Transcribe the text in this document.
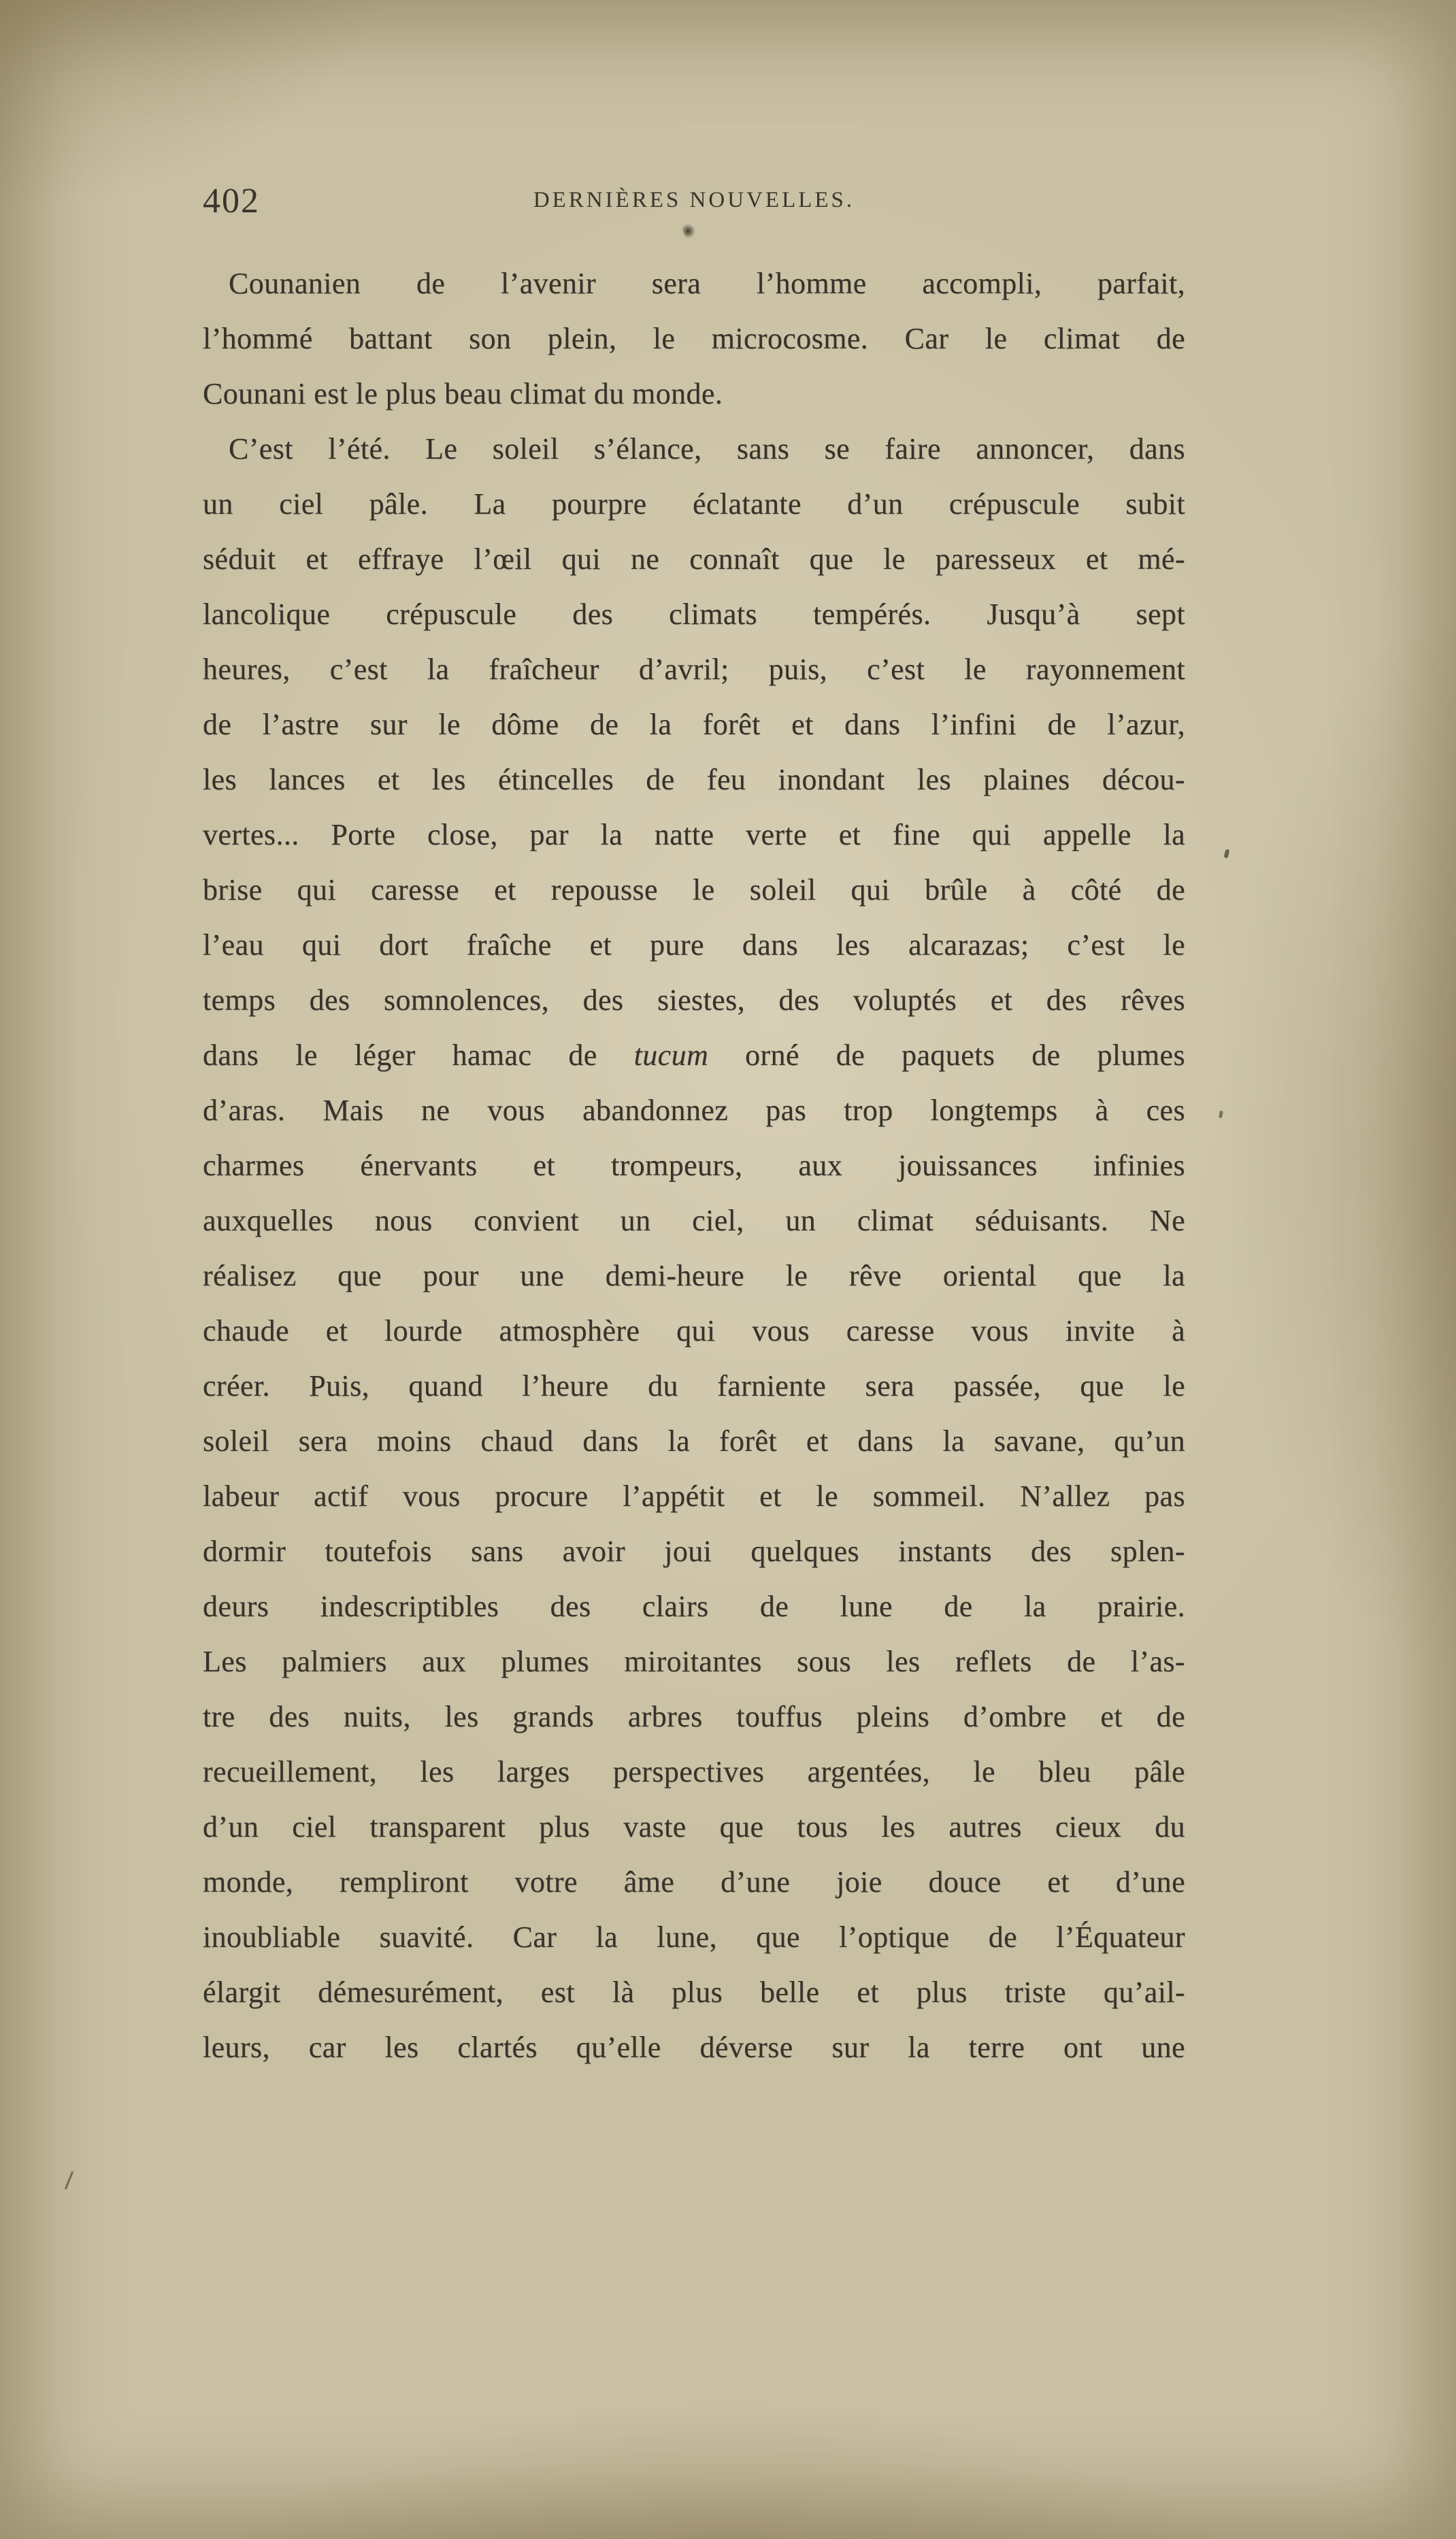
402	DERNIÈRES NOUVELLES.
Counanien de l’avenir sera l’homme accompli, parfait,
l’hommé battant son plein, le microcosme. Car le climat de
Counani est le plus beau climat du monde.
C’est l’été. Le soleil s’élance, sans se faire annoncer, dans
un ciel pâle. La pourpre éclatante d’un crépuscule subit
séduit et effraye l’œil qui ne connaît que le paresseux et mé-
lancolique crépuscule des climats tempérés. Jusqu’à sept
heures, c’est la fraîcheur d’avril; puis, c’est le rayonnement
de l’astre sur le dôme de la forêt et dans l’infini de l’azur,
les lances et les étincelles de feu inondant les plaines décou-
vertes... Porte close, par la natte verte et fine qui appelle la
brise qui caresse et repousse le soleil qui brûle à côté de
l’eau qui dort fraîche et pure dans les alcarazas; c’est le
temps des somnolences, des siestes, des voluptés et des rêves
dans le léger hamac de tucum orné de paquets de plumes
d’aras. Mais ne vous abandonnez pas trop longtemps à ces
charmes énervants et trompeurs, aux jouissances infinies
auxquelles nous convient un ciel, un climat séduisants. Ne
réalisez que pour une demi-heure le rêve oriental que la
chaude et lourde atmosphère qui vous caresse vous invite à
créer. Puis, quand l’heure du farniente sera passée, que le
soleil sera moins chaud dans la forêt et dans la savane, qu’un
labeur actif vous procure l’appétit et le sommeil. N’allez pas
dormir toutefois sans avoir joui quelques instants des splen-
deurs indescriptibles des clairs de lune de la prairie.
Les palmiers aux plumes miroitantes sous les reflets de l’as-
tre des nuits, les grands arbres touffus pleins d’ombre et de
recueillement, les larges perspectives argentées, le bleu pâle
d’un ciel transparent plus vaste que tous les autres cieux du
monde, rempliront votre âme d’une joie douce et d’une
inoubliable suavité. Car la lune, que l’optique de l’Équateur
élargit démesurément, est là plus belle et plus triste qu’ail-
leurs, car les clartés qu’elle déverse sur la terre ont une
